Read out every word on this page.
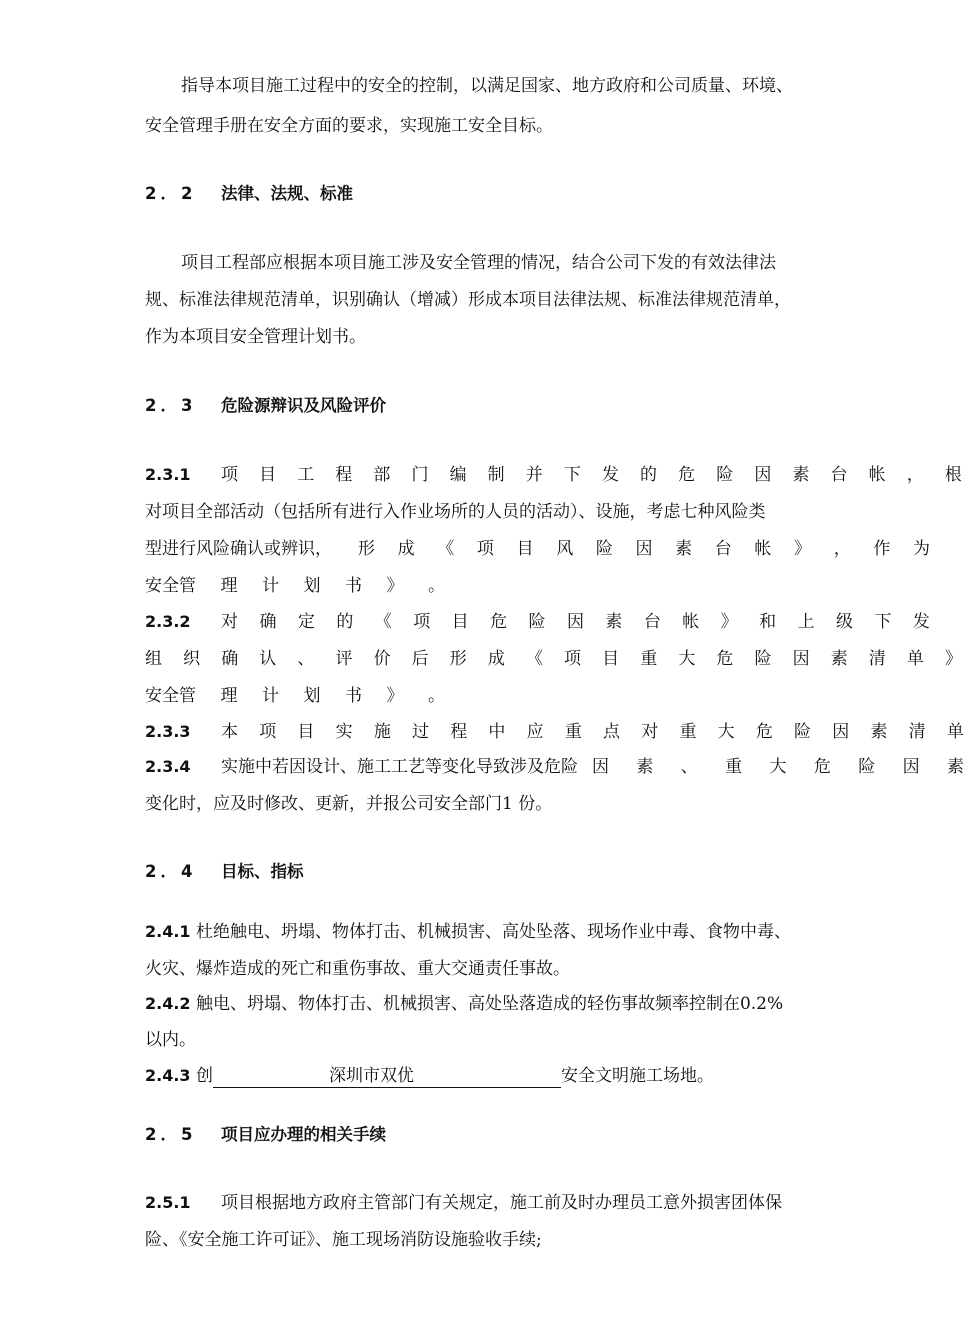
指导本项目施工过程中的安全的控制，以满足国家、地方政府和公司质量、环境、
安全管理手册在安全方面的要求，实现施工安全目标。
2．2 法律、法规、标准
项目工程部应根据本项目施工涉及安全管理的情况，结合公司下发的有效法律法
规、标准法律规范清单，识别确认（增减）形成本项目法律法规、标准法律规范清单，
作为本项目安全管理计划书。
2．3 危险源辩识及风险评价
2.3.1	项 目 工 程 部 门 编 制 并 下 发 的 危 险 因 素 台 帐 ， 根
对项目全部活动（包括所有进行入作业场所的人员的活动）、设施，考虑七种风险类
型进行风险确认或辨识， 形 成 《 项 目 风 险 因 素 台 帐 》 ， 作 为
安全管 理 计 划 书 》 。
2.3.2	对 确 定 的 《 项 目 危 险 因 素 台 帐 》 和 上 级 下 发
组 织 确 认 、 评 价 后 形 成 《 项 目 重 大 危 险 因 素 清 单 》
安全管 理 计 划 书 》 。
2.3.3	本 项 目 实 施 过 程 中 应 重 点 对 重 大 危 险 因 素 清 单
2.3.4	实施中若因设计、施工工艺等变化导致涉及危险 因 素 、 重 大 危 险 因 素
变化时，应及时修改、更新，并报公司安全部门1 份。
2．4 目标、指标
2.4.1 杜绝触电、坍塌、物体打击、机械损害、高处坠落、现场作业中毒、食物中毒、
火灾、爆炸造成的死亡和重伤事故、重大交通责任事故。
2.4.2 触电、坍塌、物体打击、机械损害、高处坠落造成的轻伤事故频率控制在0.2%
以内。
2.4.3 创	深圳市双优	安全文明施工场地。
2．5 项目应办理的相关手续
2.5.1 项目根据地方政府主管部门有关规定，施工前及时办理员工意外损害团体保
险、《安全施工许可证》、施工现场消防设施验收手续;
